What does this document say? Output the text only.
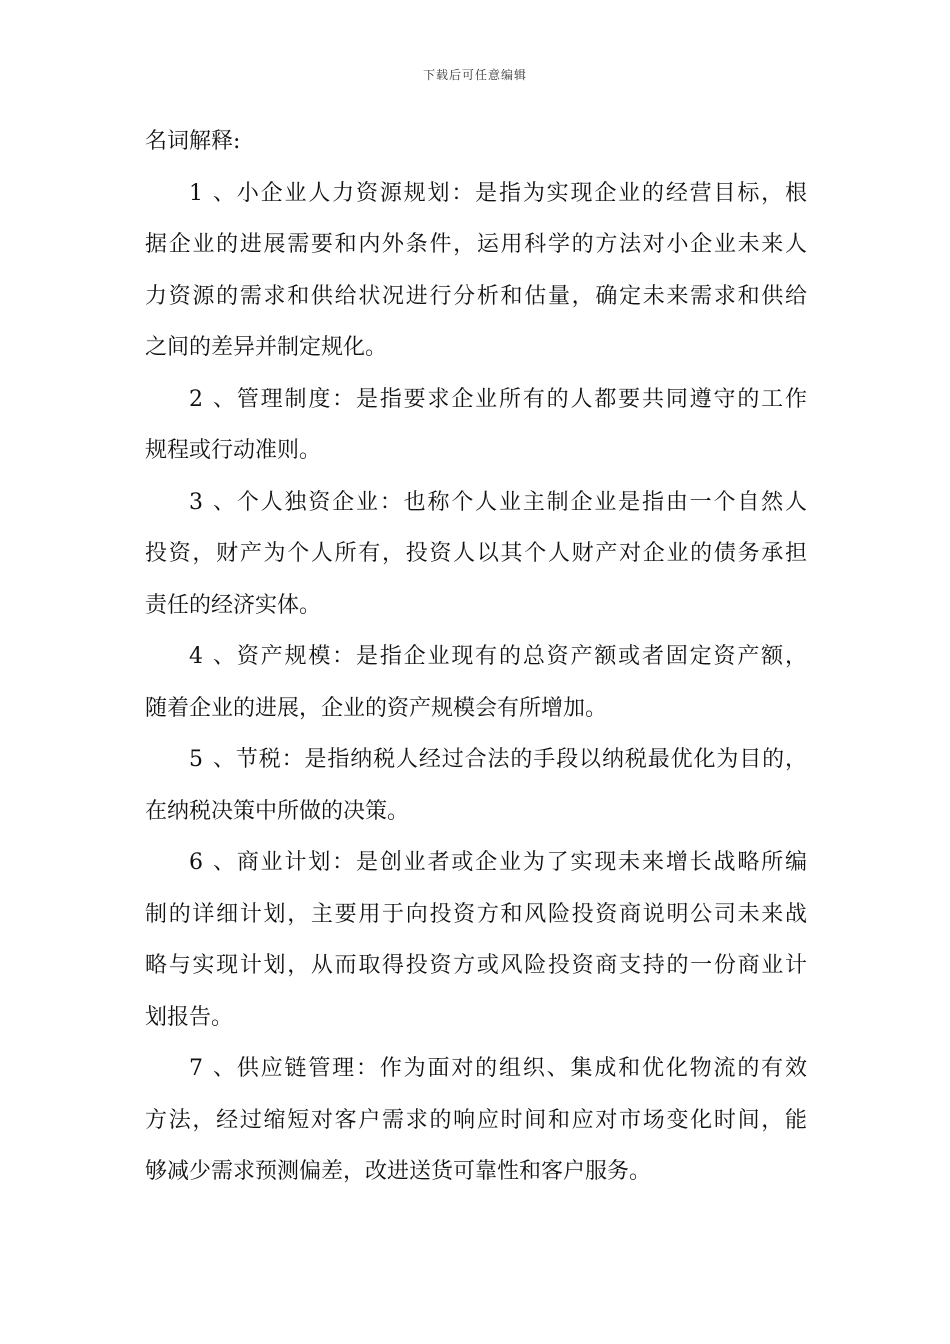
下载后可任意编辑
名词解释:
1、小企业人力资源规划：是指为实现企业的经营目标，根
据企业的进展需要和内外条件，运用科学的方法对小企业未来人
力资源的需求和供给状况进行分析和估量，确定未来需求和供给
之间的差异并制定规化。
2、管理制度：是指要求企业所有的人都要共同遵守的工作
规程或行动准则。
3、个人独资企业：也称个人业主制企业是指由一个自然人
投资，财产为个人所有，投资人以其个人财产对企业的债务承担
责任的经济实体。
4、资产规模：是指企业现有的总资产额或者固定资产额，
随着企业的进展，企业的资产规模会有所增加。
5、节税：是指纳税人经过合法的手段以纳税最优化为目的，
在纳税决策中所做的决策。
6、商业计划：是创业者或企业为了实现未来增长战略所编
制的详细计划，主要用于向投资方和风险投资商说明公司未来战
略与实现计划，从而取得投资方或风险投资商支持的一份商业计
划报告。
7、供应链管理：作为面对的组织、集成和优化物流的有效
方法，经过缩短对客户需求的响应时间和应对市场变化时间，能
够减少需求预测偏差，改进送货可靠性和客户服务。
